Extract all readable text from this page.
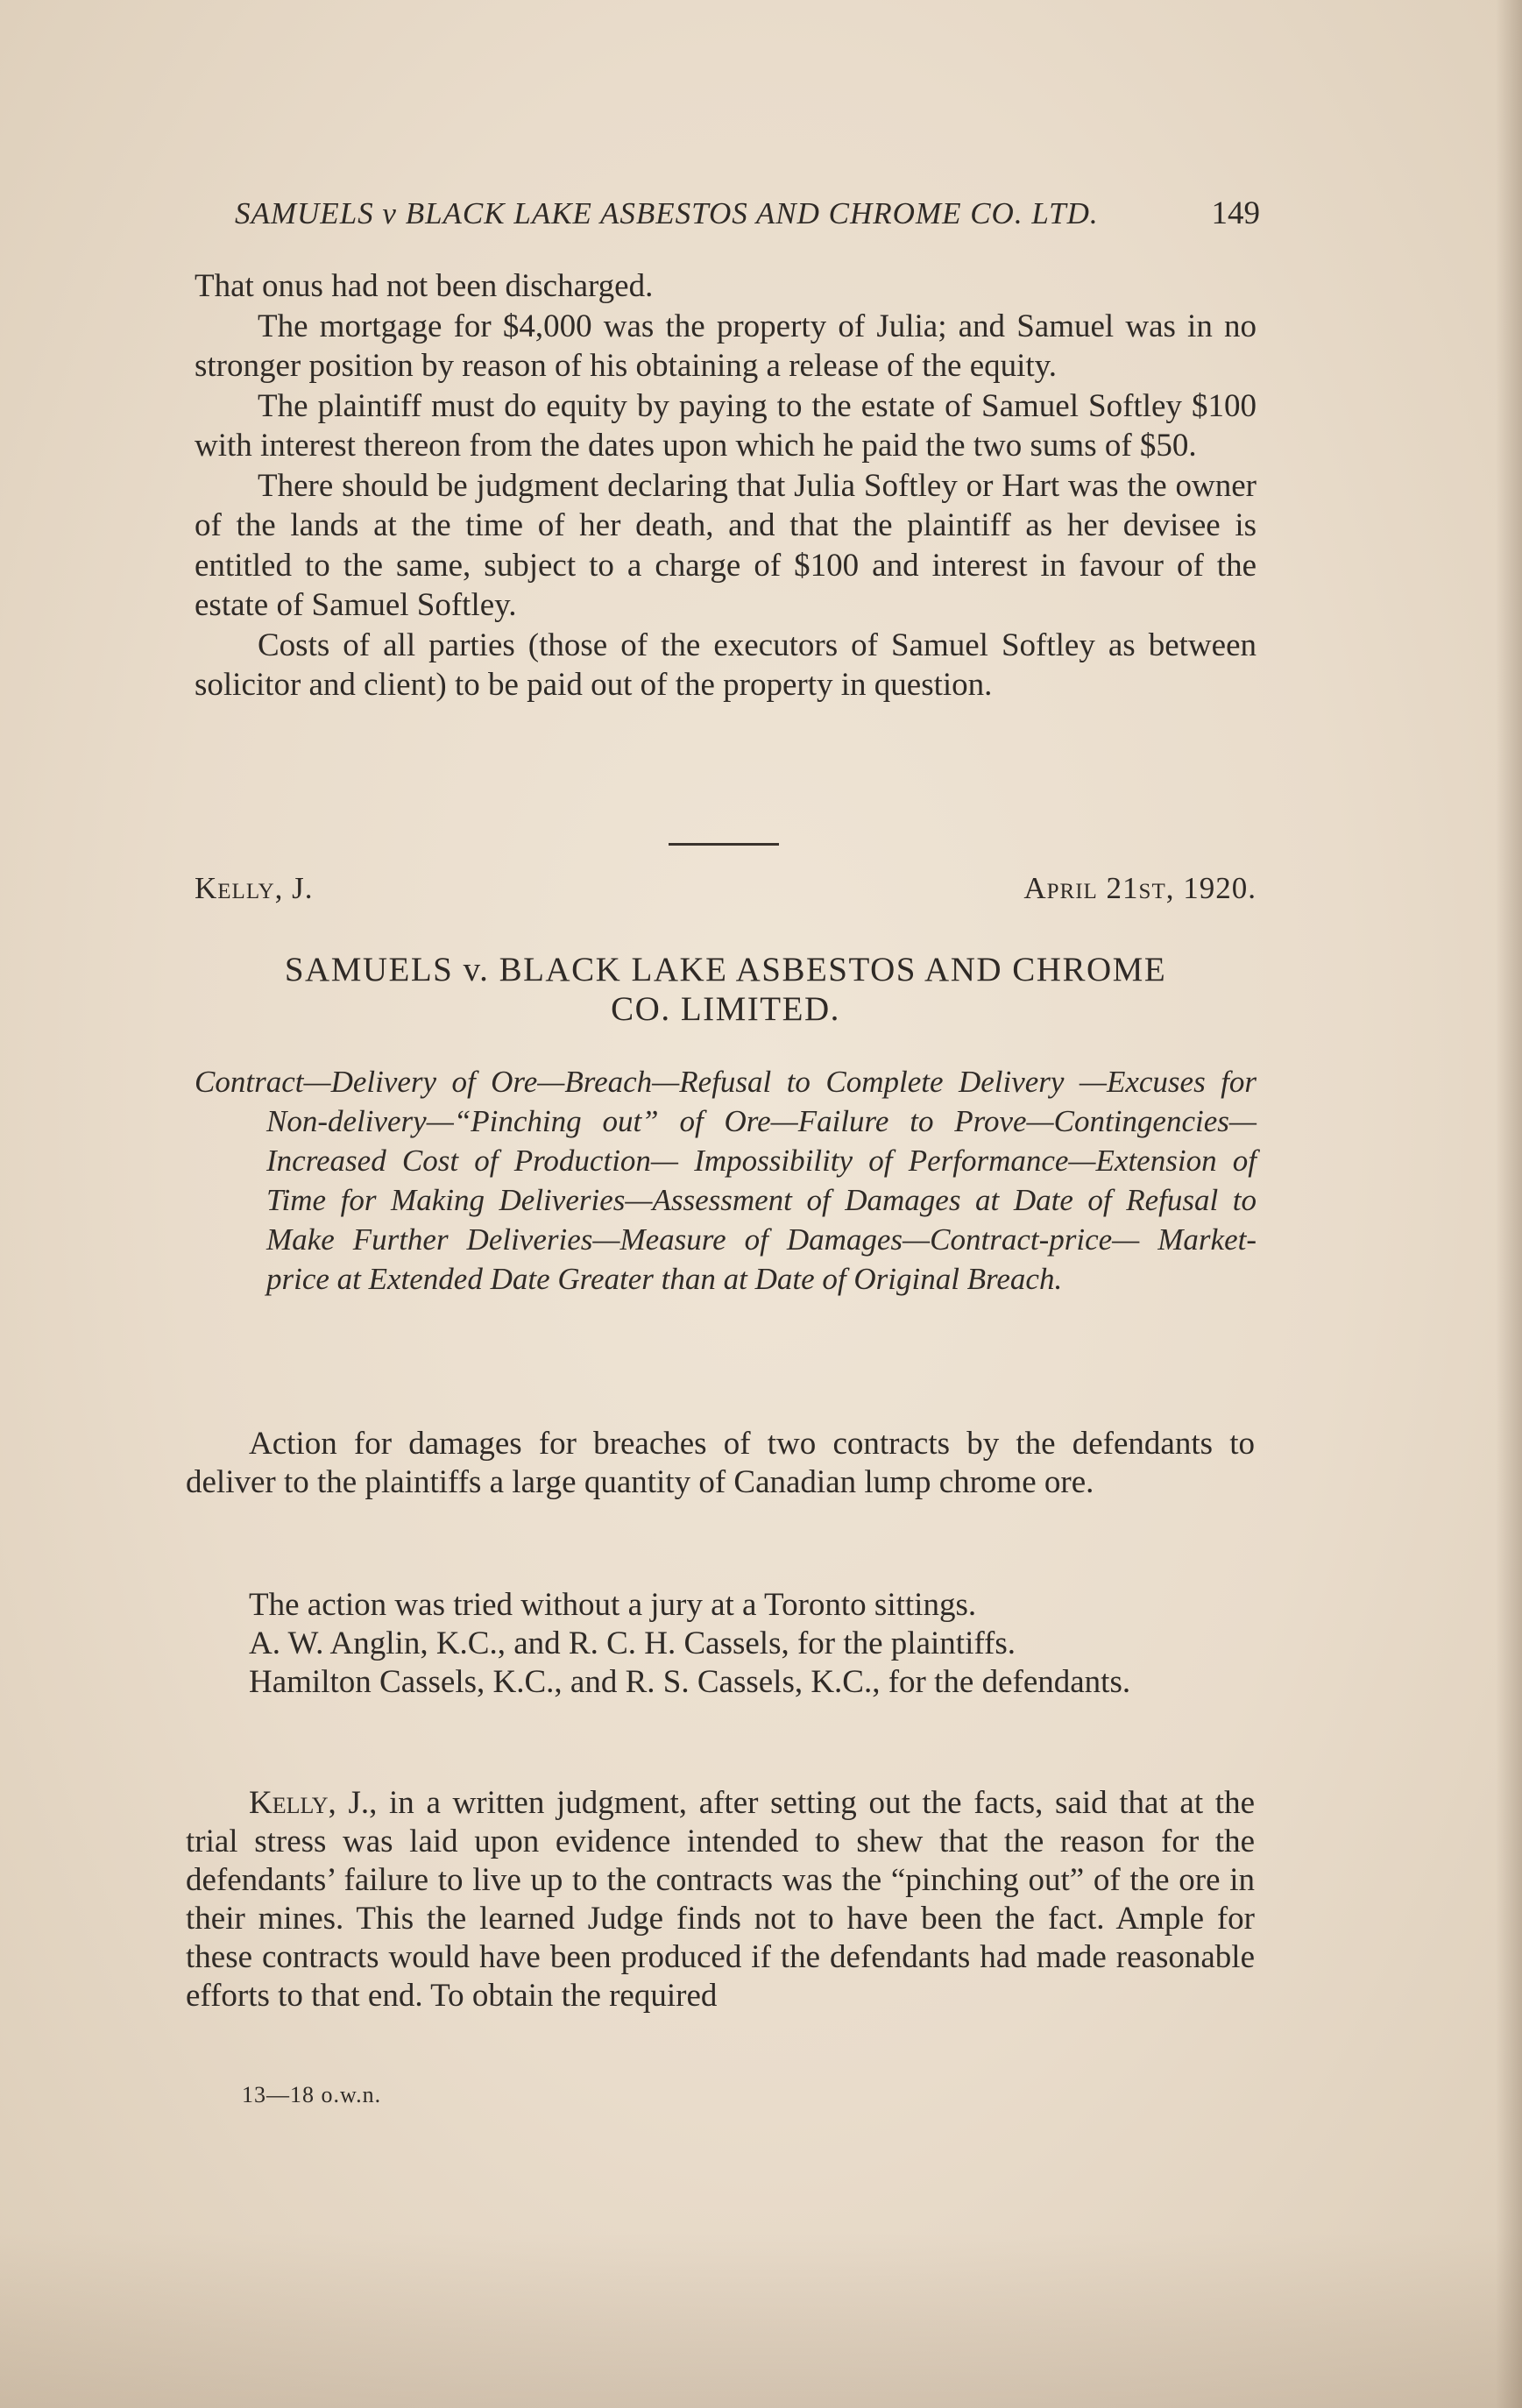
SAMUELS v BLACK LAKE ASBESTOS AND CHROME CO. LTD.	149

That onus had not been discharged.

The mortgage for $4,000 was the property of Julia; and Samuel was in no stronger position by reason of his obtaining a release of the equity.

The plaintiff must do equity by paying to the estate of Samuel Softley $100 with interest thereon from the dates upon which he paid the two sums of $50.

There should be judgment declaring that Julia Softley or Hart was the owner of the lands at the time of her death, and that the plaintiff as her devisee is entitled to the same, subject to a charge of $100 and interest in favour of the estate of Samuel Softley.

Costs of all parties (those of the executors of Samuel Softley as between solicitor and client) to be paid out of the property in question.

Kelly, J.	April 21st, 1920.
SAMUELS v. BLACK LAKE ASBESTOS AND CHROME
CO. LIMITED.

Contract—Delivery of Ore—Breach—Refusal to Complete Delivery —Excuses for Non-delivery—“Pinching out” of Ore—Failure to Prove—Contingencies—Increased Cost of Production— Impossibility of Performance—Extension of Time for Making Deliveries—Assessment of Damages at Date of Refusal to Make Further Deliveries—Measure of Damages—Contract-price— Market-price at Extended Date Greater than at Date of Original Breach.

Action for damages for breaches of two contracts by the defendants to deliver to the plaintiffs a large quantity of Canadian lump chrome ore.

The action was tried without a jury at a Toronto sittings.

A. W. Anglin, K.C., and R. C. H. Cassels, for the plaintiffs.

Hamilton Cassels, K.C., and R. S. Cassels, K.C., for the defendants.

Kelly, J., in a written judgment, after setting out the facts, said that at the trial stress was laid upon evidence intended to shew that the reason for the defendants’ failure to live up to the contracts was the “pinching out” of the ore in their mines. This the learned Judge finds not to have been the fact. Ample for these contracts would have been produced if the defendants had made reasonable efforts to that end. To obtain the required

13—18 o.w.n.
